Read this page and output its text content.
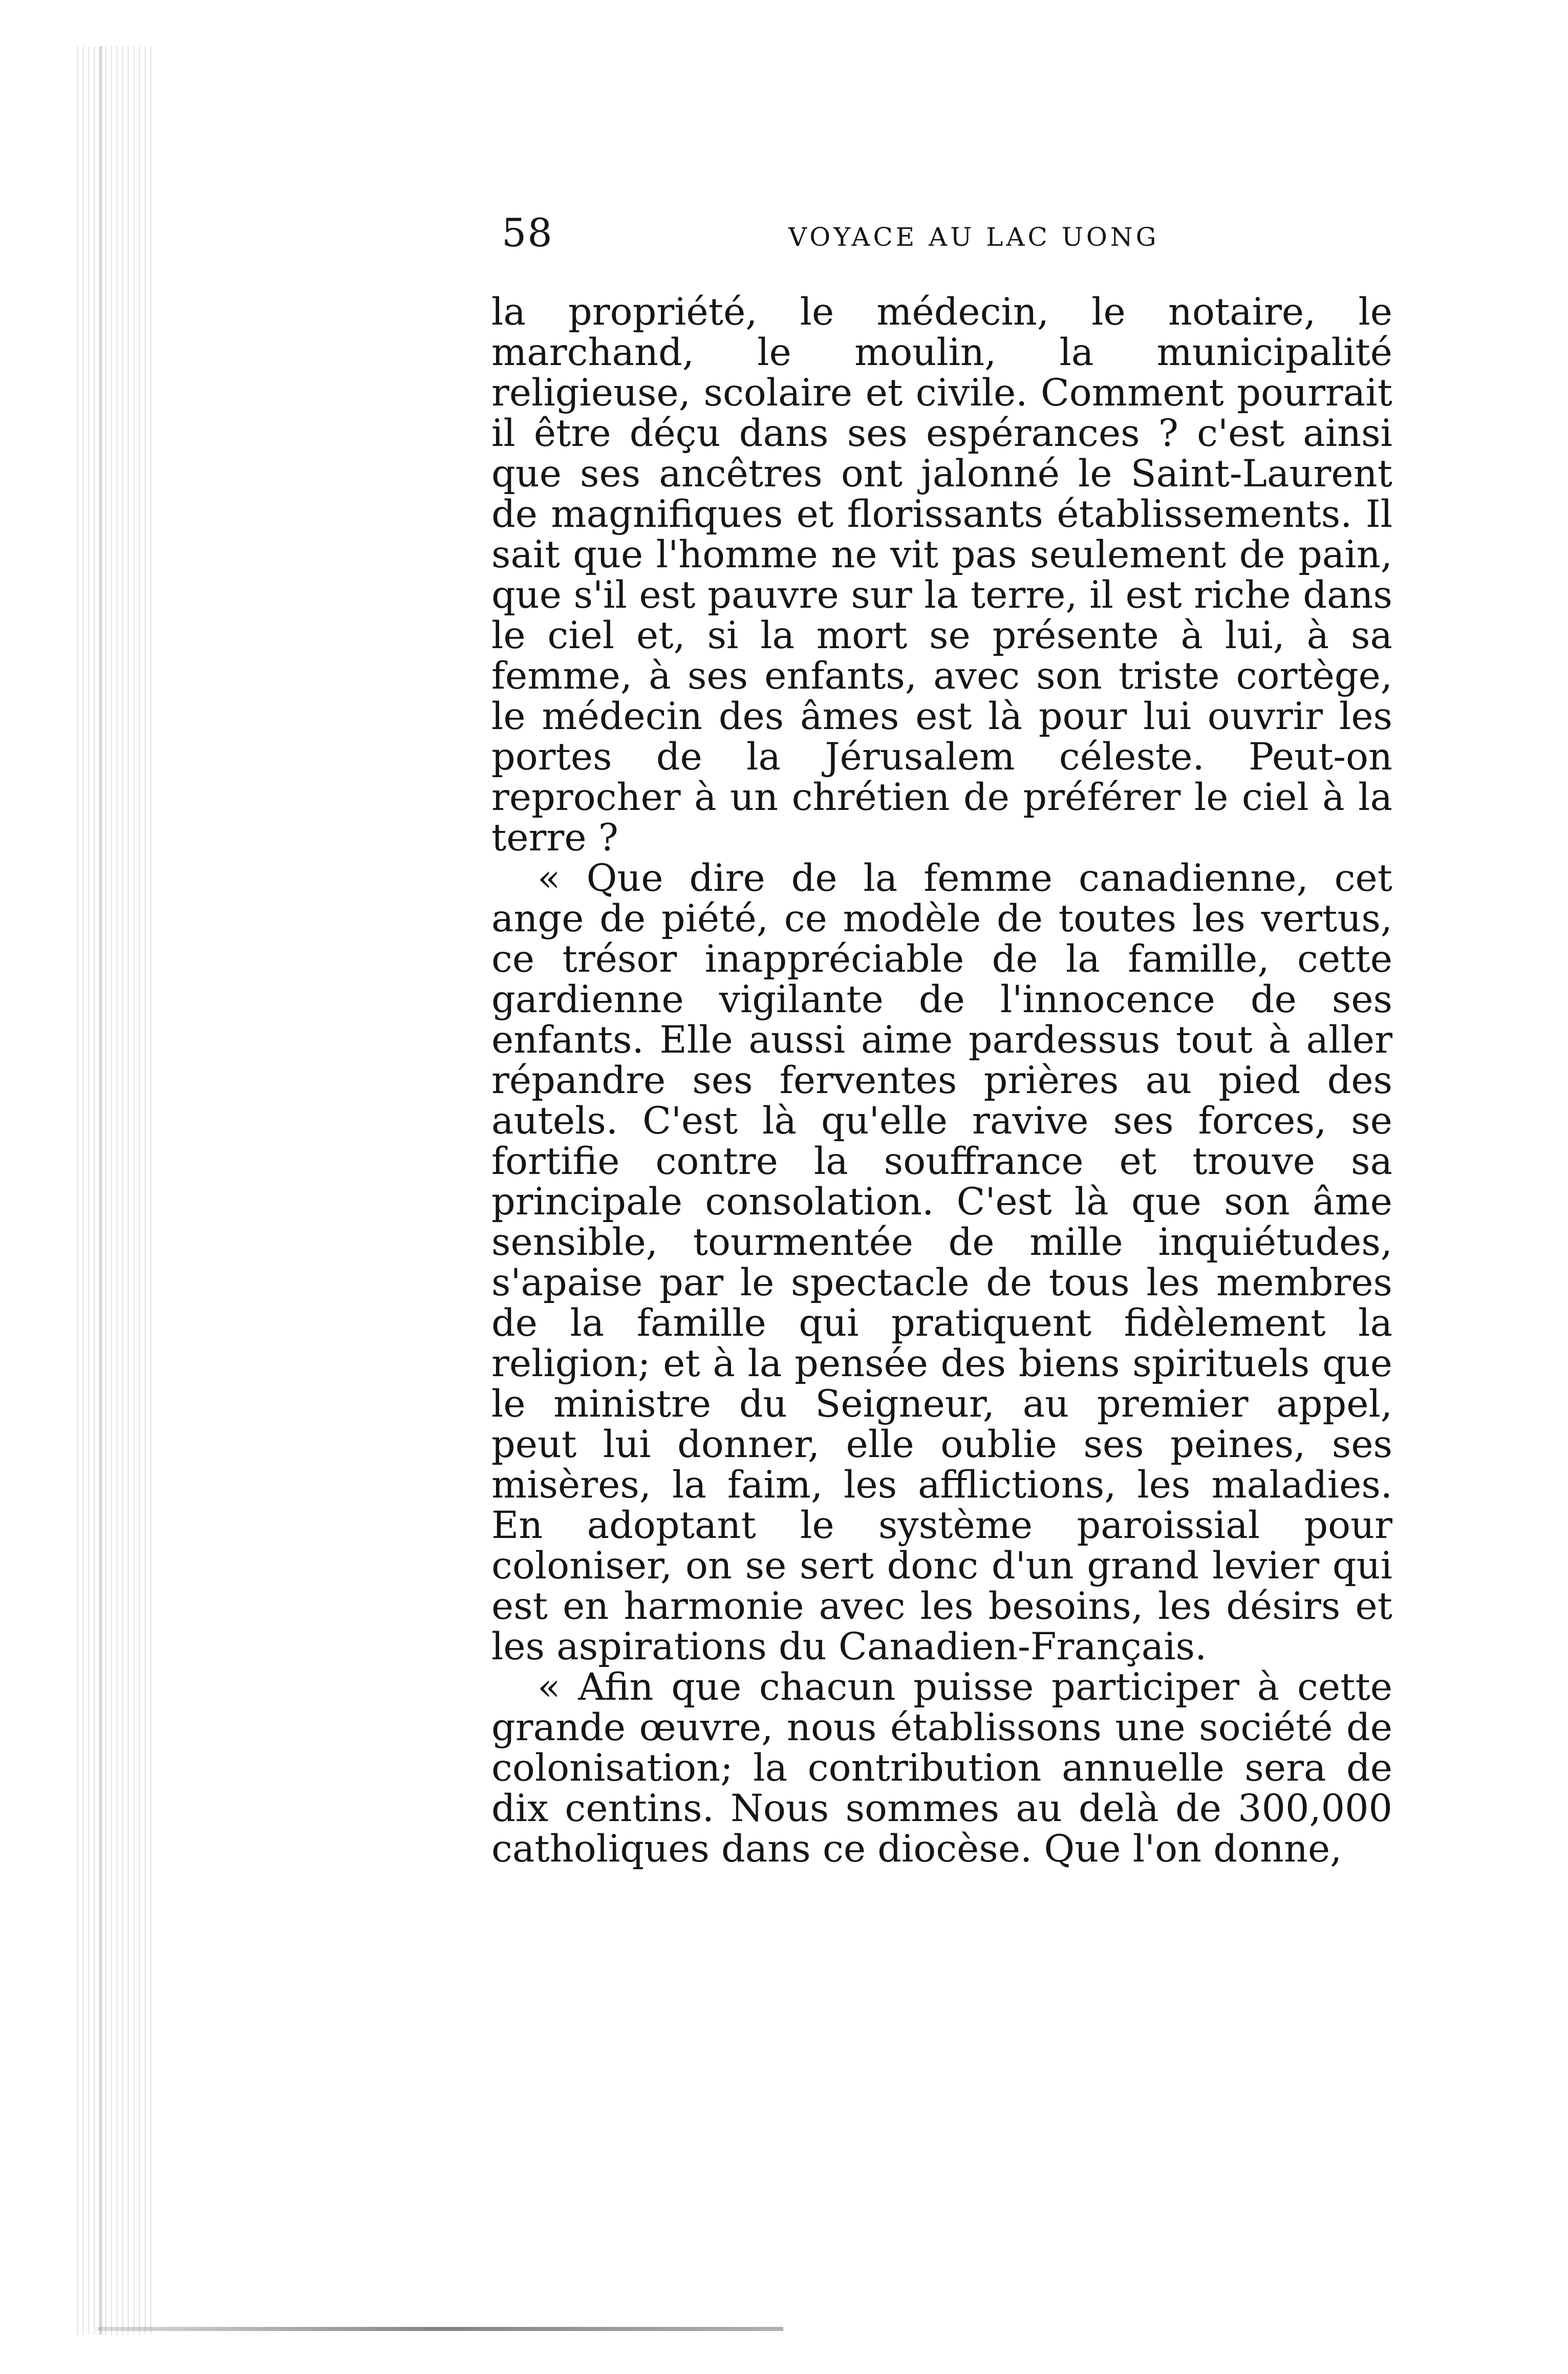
58	VOYACE AU LAC UONG

la propriété, le médecin, le notaire, le marchand, le moulin, la municipalité religieuse, scolaire et civile. Comment pourrait il être déçu dans ses espérances ? c'est ainsi que ses ancêtres ont jalonné le Saint-Laurent de magnifiques et florissants établissements. Il sait que l'homme ne vit pas seulement de pain, que s'il est pauvre sur la terre, il est riche dans le ciel et, si la mort se présente à lui, à sa femme, à ses enfants, avec son triste cortège, le médecin des âmes est là pour lui ouvrir les portes de la Jérusalem céleste. Peut-on reprocher à un chrétien de préférer le ciel à la terre ?

« Que dire de la femme canadienne, cet ange de piété, ce modèle de toutes les vertus, ce trésor inappréciable de la famille, cette gardienne vigilante de l'innocence de ses enfants. Elle aussi aime pardessus tout à aller répandre ses ferventes prières au pied des autels. C'est là qu'elle ravive ses forces, se fortifie contre la souffrance et trouve sa principale consolation. C'est là que son âme sensible, tourmentée de mille inquiétudes, s'apaise par le spectacle de tous les membres de la famille qui pratiquent fidèlement la religion; et à la pensée des biens spirituels que le ministre du Seigneur, au premier appel, peut lui donner, elle oublie ses peines, ses misères, la faim, les afflictions, les maladies. En adoptant le système paroissial pour coloniser, on se sert donc d'un grand levier qui est en harmonie avec les besoins, les désirs et les aspirations du Canadien-Français.

« Afin que chacun puisse participer à cette grande œuvre, nous établissons une société de colonisation; la contribution annuelle sera de dix centins. Nous sommes au delà de 300,000 catholiques dans ce diocèse. Que l'on donne,
